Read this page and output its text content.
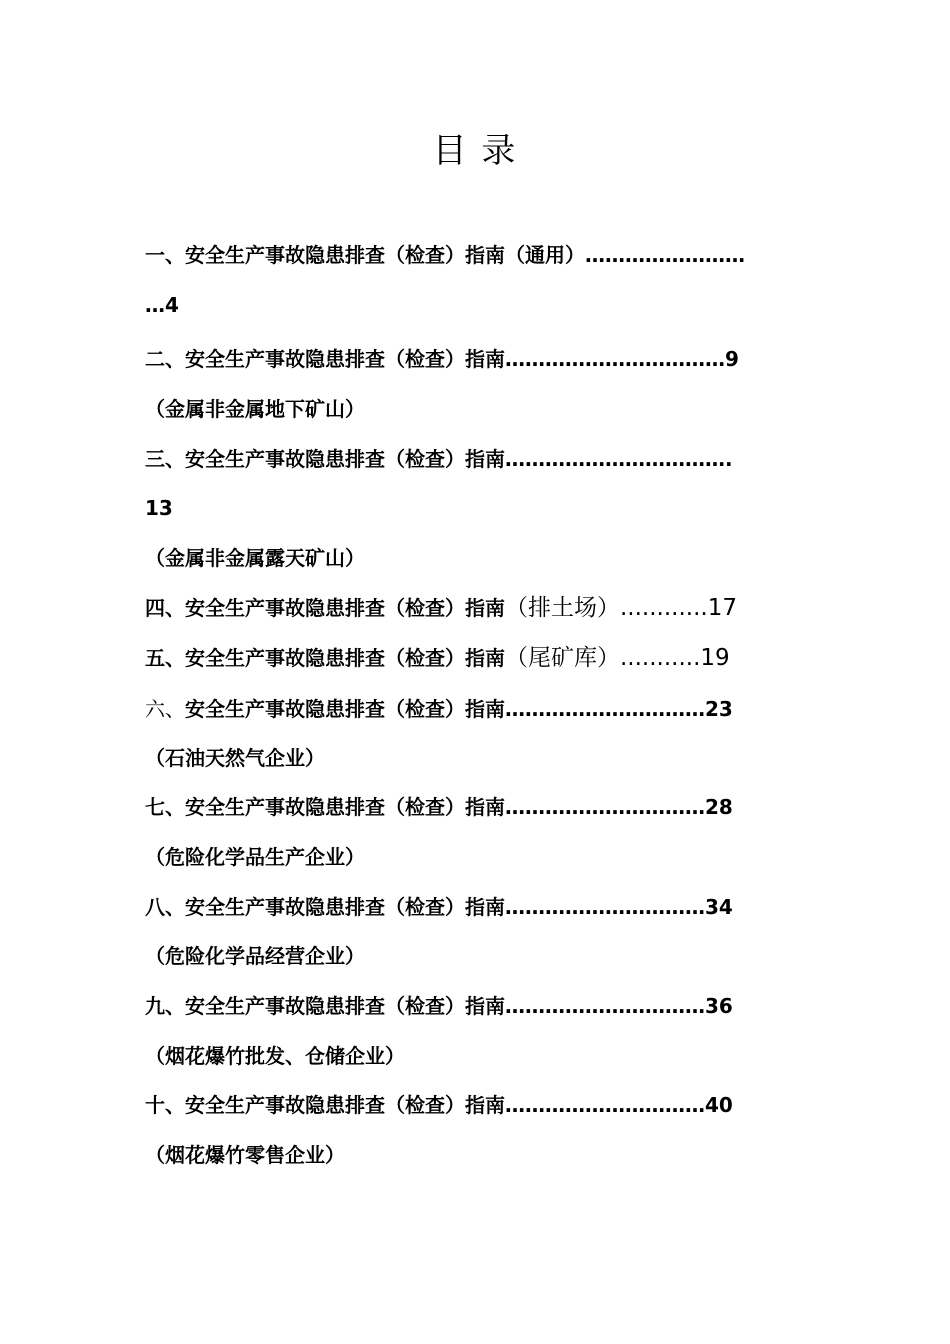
目 录
一、安全生产事故隐患排查（检查）指南（通用）……………………
…4
二、安全生产事故隐患排查（检查）指南……………………………9
（金属非金属地下矿山）
三、安全生产事故隐患排查（检查）指南…………………………….
13
（金属非金属露天矿山）
四、安全生产事故隐患排查（检查）指南（排土场）............17
五、安全生产事故隐患排查（检查）指南（尾矿库）...........19
六、安全生产事故隐患排查（检查）指南…………………………23
（石油天然气企业）
七、安全生产事故隐患排查（检查）指南…………………………28
（危险化学品生产企业）
八、安全生产事故隐患排查（检查）指南…………………………34
（危险化学品经营企业）
九、安全生产事故隐患排查（检查）指南…………………………36
（烟花爆竹批发、仓储企业）
十、安全生产事故隐患排查（检查）指南…………………………40
（烟花爆竹零售企业）
